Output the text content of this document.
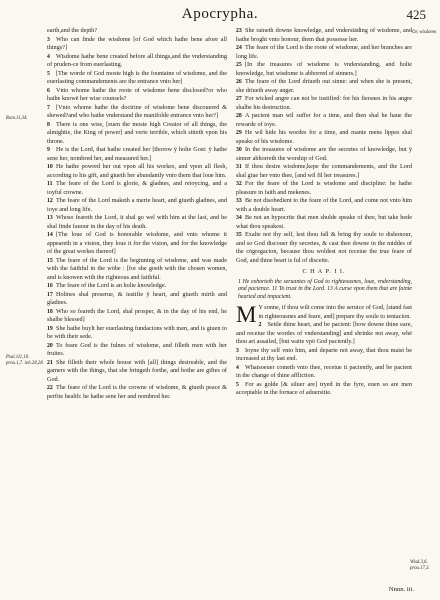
Apocrypha.	425
Rom.11,34.
Psal.111,10. prou.1,7. iob.28,28.
Or, wisdome.
Wisd.3,6. prou.17,3.
earth,and the depth?
3 Who can finde the wisdome [of God which hathe bene afore all things?]
4 Wisdome hathe bene created before all things,and the vnderstanding of pruden-ce from euerlasting.
5 [The worde of God moste high is the fountaine of wisdome, and the euerlasting commandements are the entrance vnto her]
6 Vnto whome hathe the roote of wisdome bene disclosed?or who hathe knowē her wise counsels?
7 [Vnto whome hathe the doctrine of wisdome bene discouered & shewed?and who hathe vnderstand the manifolde entrance vnto her?]
8 There is one wise, [euen the moste high Creator of all things, the almightie, the King of power] and verie terrible, which sitteth vpon his throne.
9 He is the Lord, that hathe created her [thorow ÿ holie Gost: ÿ hathe sene her, nombred her, and measured her.]
10 He hathe powred her out vpon all his workes, and vpon all flesh, according to his gift, and giueth her abundantly vnto them that loue him.
11 The feare of the Lord is glorie, & gladnes, and reioycing, and a ioyful crowne.
12 The feare of the Lord maketh a merie heart, and giueth gladnes, and ioye and long life.
13 Whoso feareth the Lord, it shal go wel with him at the last, and he shal finde fauour in the day of his death.
14 [The loue of God is honorable wisdome, and vnto whome it appeareth in a vision, they loue it for the vision, and for the knowledge of the great workes thereof]
15 The feare of the Lord is the beginning of wisdome, and was made with the faithful in the wōbe : [for she goeth with the chosen women, and is knowen with the righteous and faithful.
16 The feare of the Lord is an holie knowledge.
17 Holines shal preserue, & iustifie ÿ heart, and giueth mirth and gladnes.
18 Who so feareth the Lord, shal prosper, & in the day of his end, he shalbe blessed]
19 She hathe buylt her euerlasting fundacions with men, and is giuen to be with their sede.
20 To feare God is the fulnes of wisdome, and filleth men with her fruites.
21 She filleth their whole house with [all] things desireable, and the garners with the things, that she bringeth forthe, and bothe are giftes of God.
22 The feare of the Lord is the crowne of wisdome, & giueth peace & perfite health: he hathe sene her and nombred her.
23 She raineth downe knowledge, and vnderstāding of wisdome, and hathe broght vnto honour, them that possesse her.
24 The feare of the Lord is the roote of wisdome, and her branches are long life.
25 [In the treasures of wisdome is vnderstanding, and holie knowledge, but wisdome is abhorred of sinners.]
26 The feare of the Lord driueth out sinne: and when she is present, she driueth away anger.
27 For wicked angre can not be iustified: for his fiersnes in his angre shalbe his destruction.
28 A pacient man wil suffer for a time, and then shal he haue the rewarde of ioye.
29 He wil hide his wordes for a time, and manie mens lippes shal speake of his wisdome.
30 In the treasures of wisdome are the secretes of knowledge, but ÿ sinner abhorreth the worship of God.
31 If thou desire wisdome,kepe the commandements, and the Lord shal giue her vnto thee, [and wil fil her treasures.]
32 For the feare of the Lord is wisdome and discipline: he hathe pleasure in faith and mekenes.
33 Be not disobedient to the feare of the Lord, and come not vnto him with a double heart.
34 Be not an hypocrite that men shulde speake of thee, but take hede what thou speakest.
35 Exalte not thy self, lest thou fall & bring thy soule to dishonour, and so God discouer thy secretes, & cast thee downe in the middes of the cōgregacion, because thou woldest not receiue the true feare of God, and thine heart is ful of disceite.
C H A P. I I.
1 He exhorteth the seruantes of God to righteousnes, loue, vnderstanding, and pacience. 11 To trust in the Lord. 13 A curse vpon them that are fainte hearted and impacient.
M Y sonne, if thou wilt come into the seruice of God, [stand fast in righteousnes and feare, and] prepare thy soule to tentacion.
2 Settle thine heart, and be pacient: [bow downe thine eare, and receiue the wordes of vnderstanding] and shrinke not away, whē thou art assailed, [but waite vpō God paciently.]
3 Ioyne thy self vnto him, and departe not away, that thou maist be increased at thy last end.
4 Whatsoeuer cometh vnto thee, receiue it paciently, and be pacient in the change of thine affliction.
5 For as golde [& siluer are] tryed in the fyre, euen so are men acceptable in the fornace of aduersitie.
Nnnn. iii.
